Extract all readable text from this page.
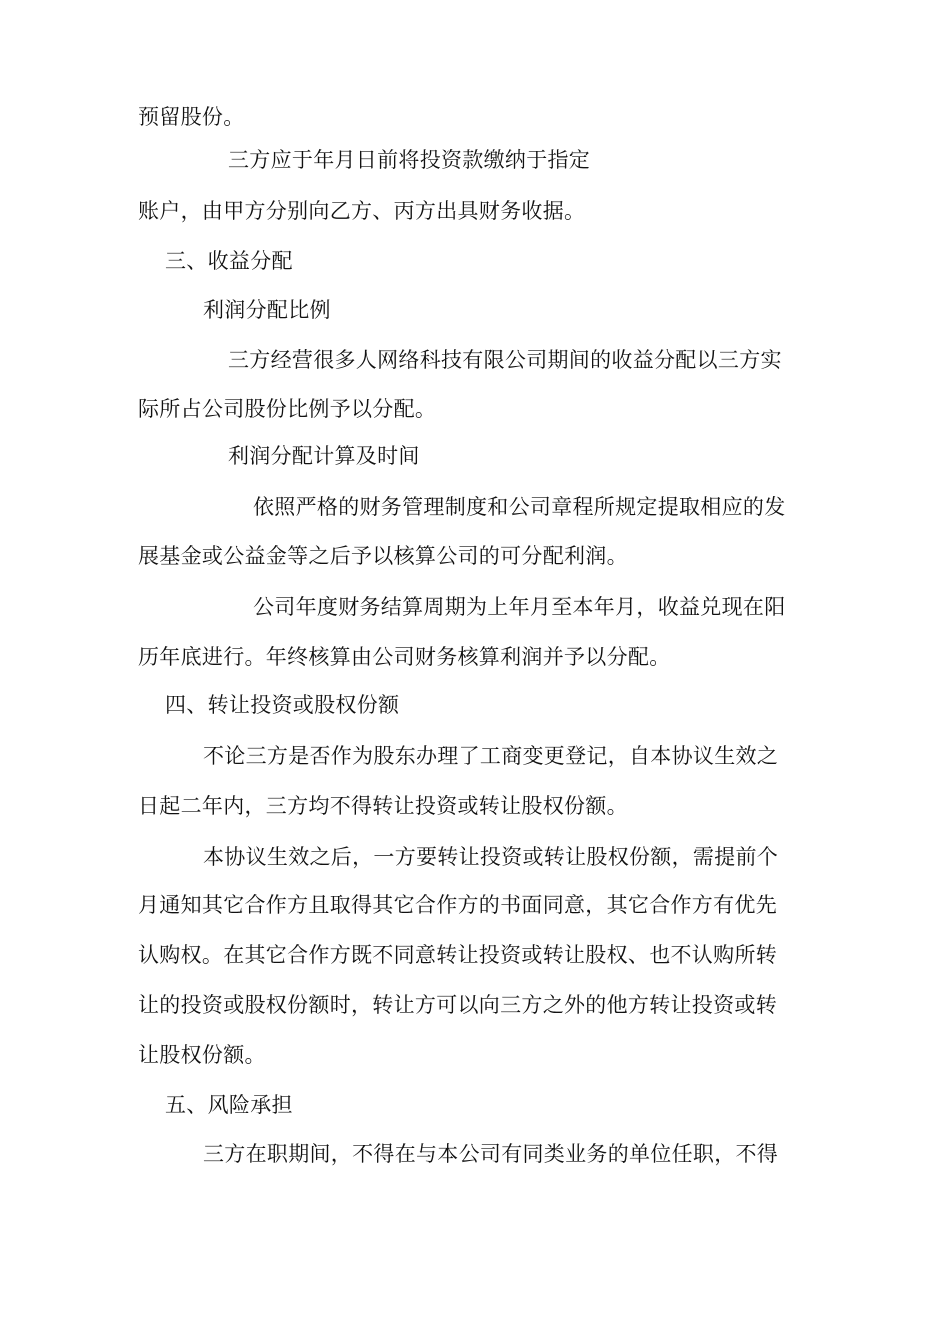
预留股份。
三方应于年月日前将投资款缴纳于指定
账户，由甲方分别向乙方、丙方出具财务收据。
三、收益分配
利润分配比例
三方经营很多人网络科技有限公司期间的收益分配以三方实
际所占公司股份比例予以分配。
利润分配计算及时间
依照严格的财务管理制度和公司章程所规定提取相应的发
展基金或公益金等之后予以核算公司的可分配利润。
公司年度财务结算周期为上年月至本年月，收益兑现在阳
历年底进行。年终核算由公司财务核算利润并予以分配。
四、转让投资或股权份额
不论三方是否作为股东办理了工商变更登记，自本协议生效之
日起二年内，三方均不得转让投资或转让股权份额。
本协议生效之后，一方要转让投资或转让股权份额，需提前个
月通知其它合作方且取得其它合作方的书面同意，其它合作方有优先
认购权。在其它合作方既不同意转让投资或转让股权、也不认购所转
让的投资或股权份额时，转让方可以向三方之外的他方转让投资或转
让股权份额。
五、风险承担
三方在职期间，不得在与本公司有同类业务的单位任职，不得
